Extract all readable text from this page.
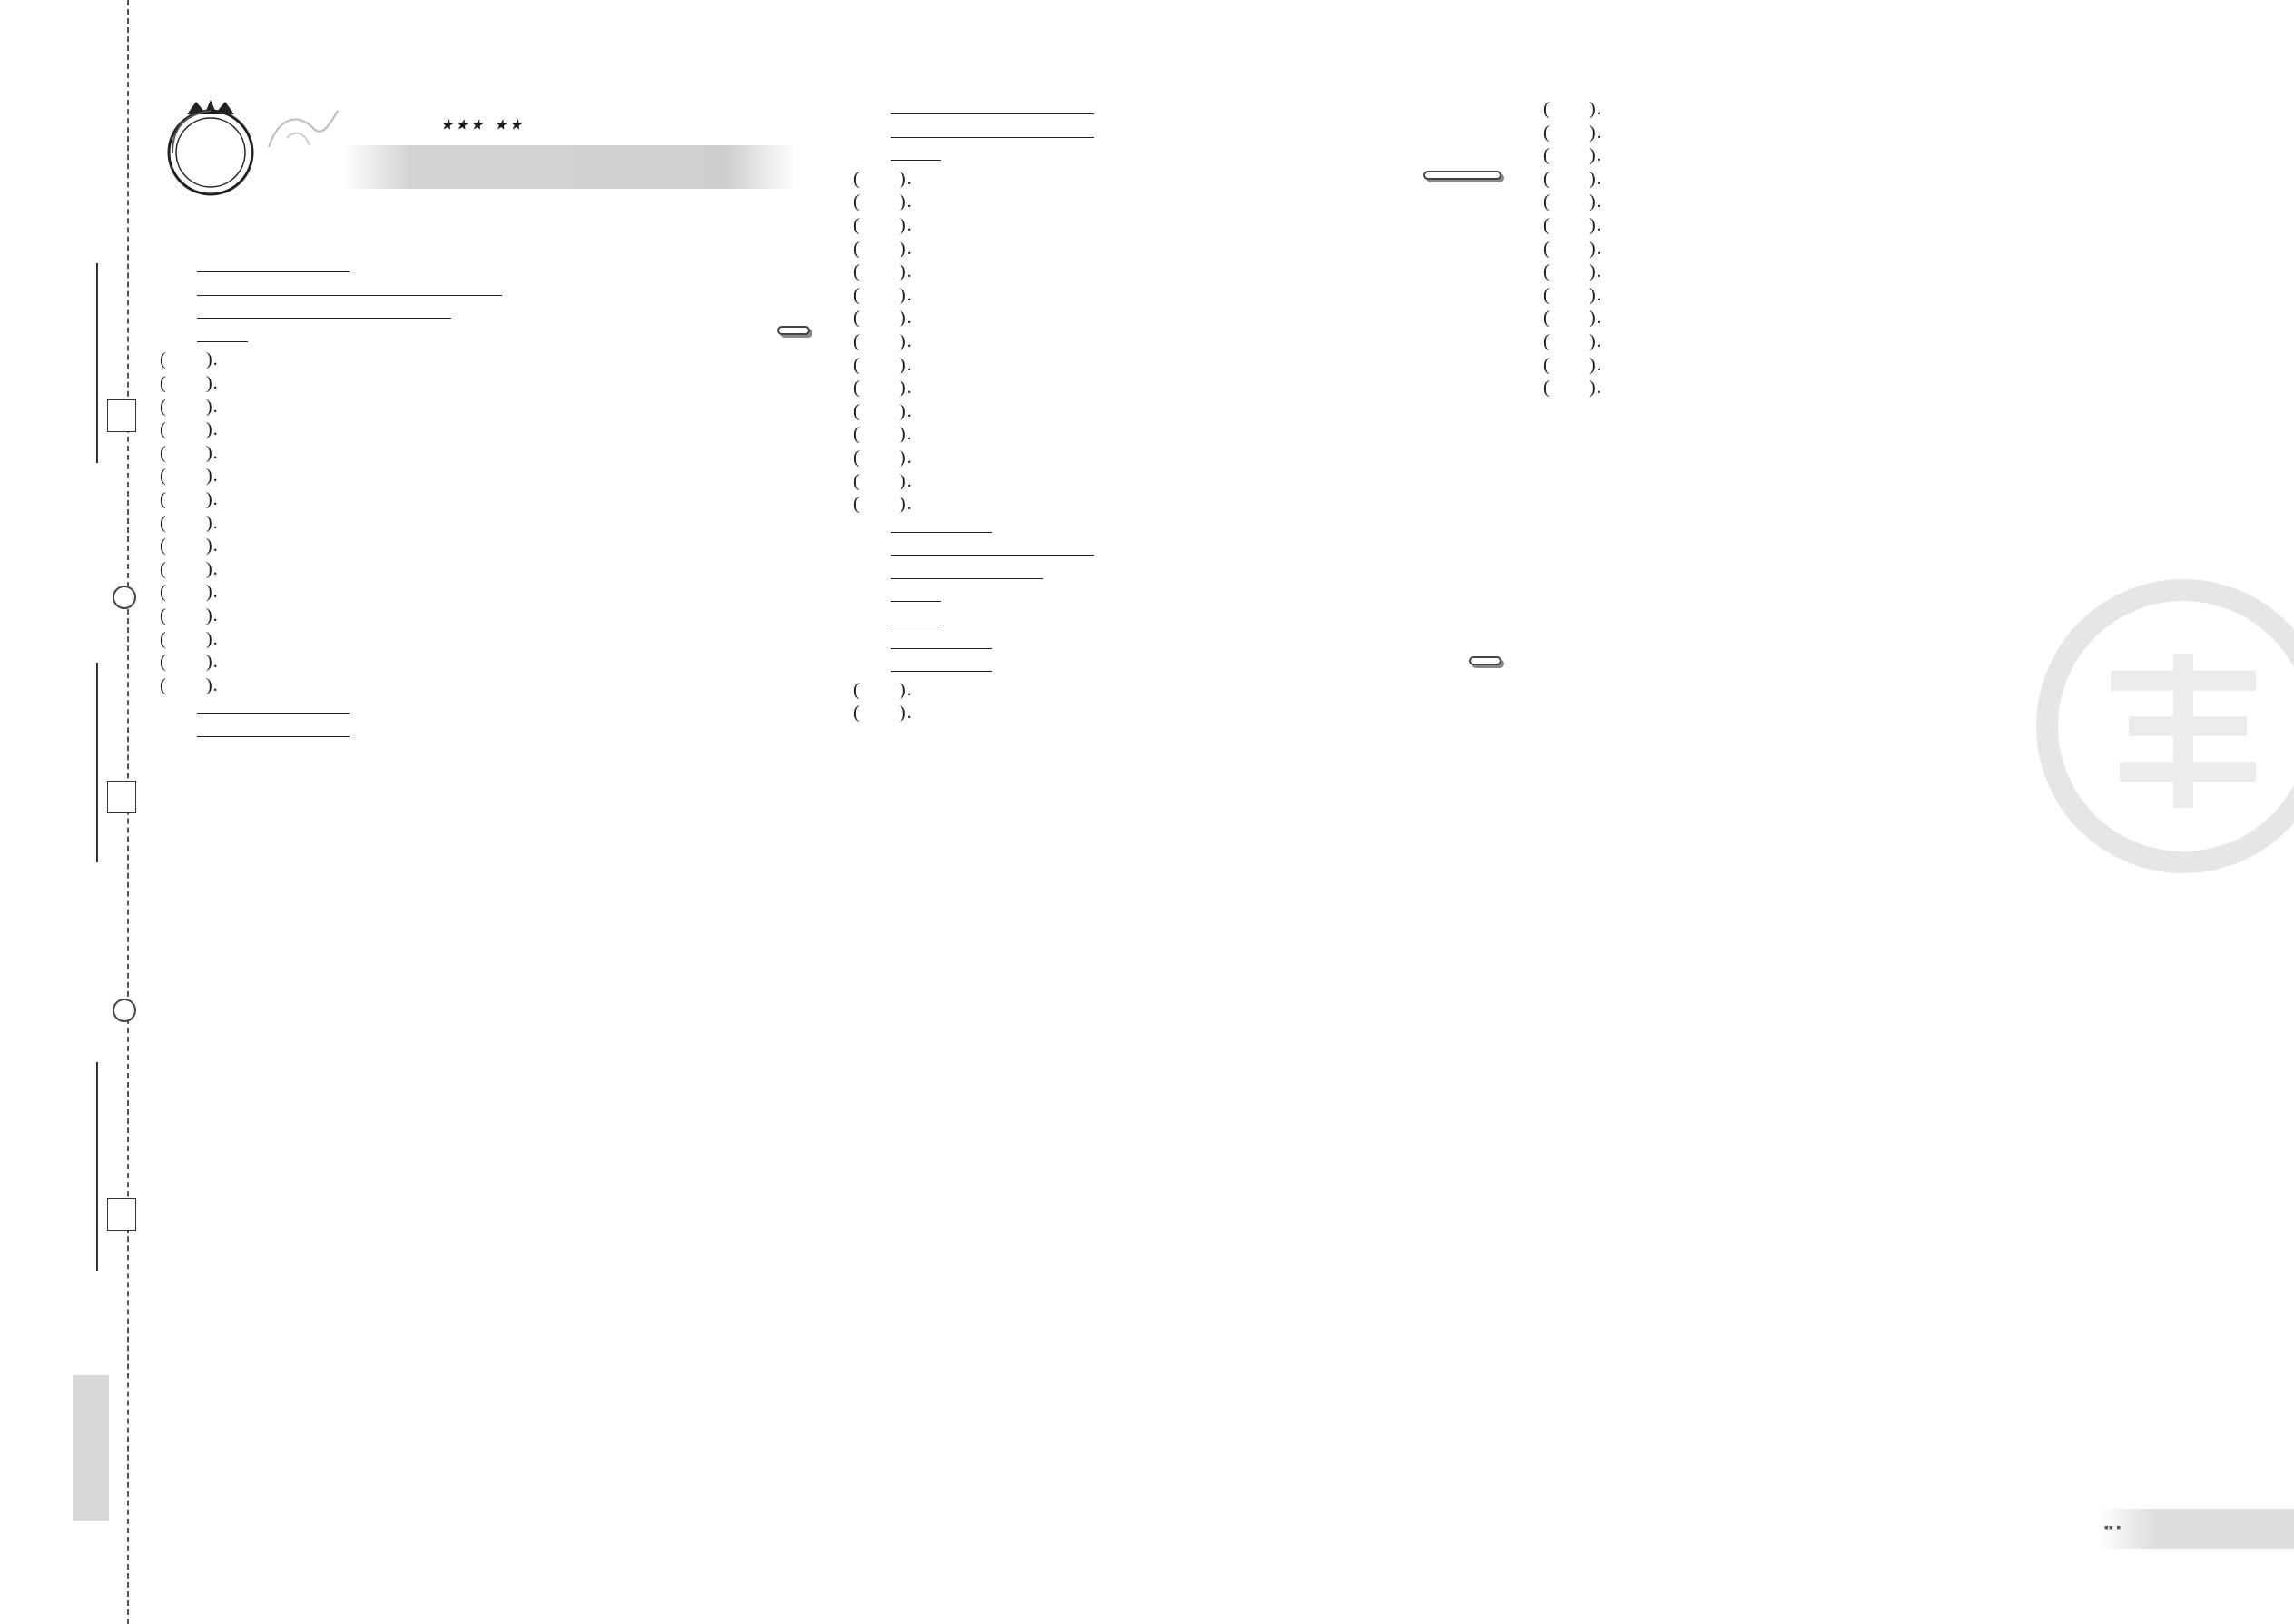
★★★ ★★

(　　).
(　　).
(　　).
(　　).
(　　).
(　　).
(　　).
(　　).
(　　).
(　　).
(　　).
(　　).
(　　).
(　　).
(　　).

(　　).
(　　).
(　　).
(　　).
(　　).
(　　).
(　　).
(　　).
(　　).
(　　).
(　　).
(　　).
(　　).
(　　).
(　　).

(　　).
(　　).
(　　).
(　　).
(　　).
(　　).
(　　).
(　　).
(　　).
(　　).
(　　).
(　　).
(　　).
(　　).
(　　).
▪▪ ▪
